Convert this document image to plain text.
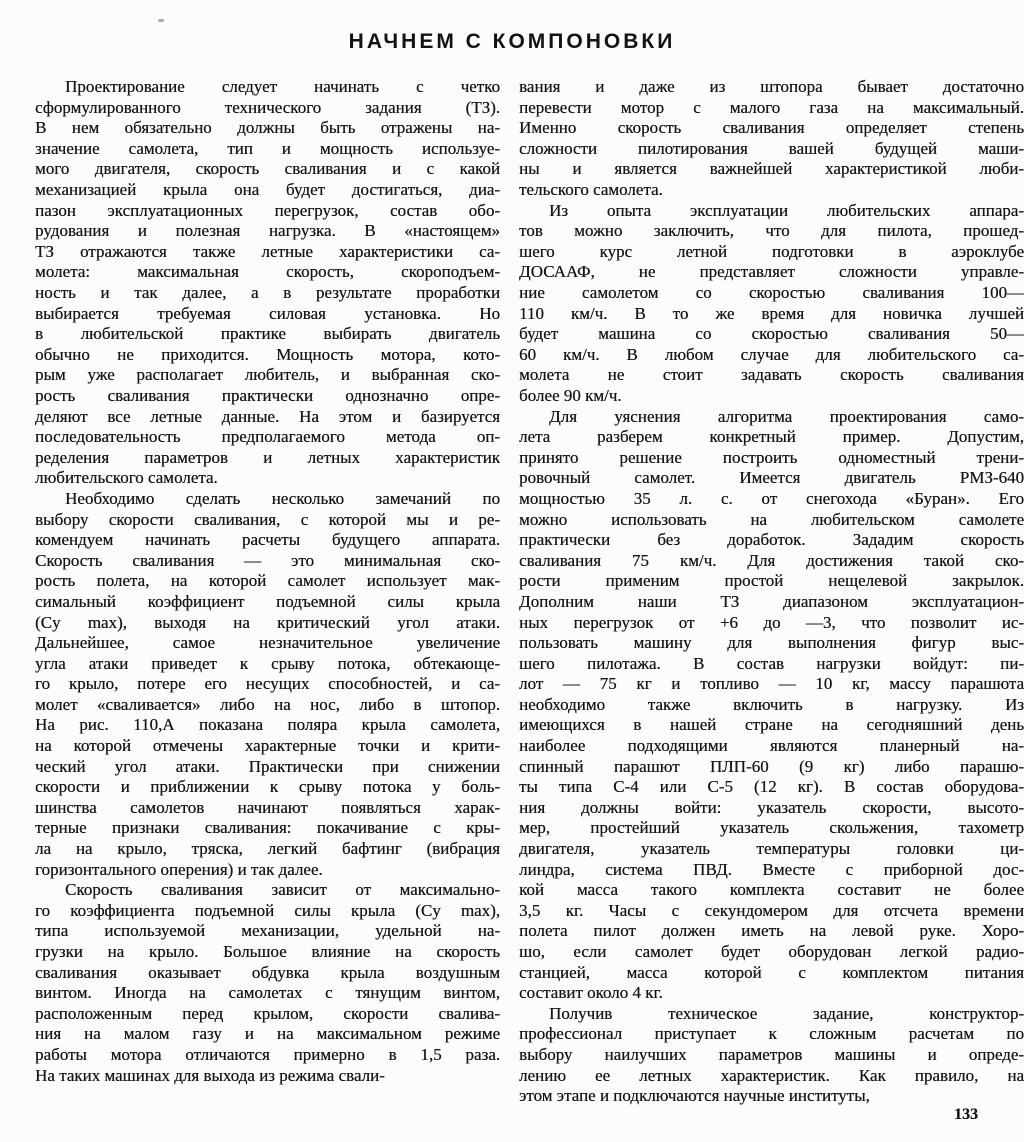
НАЧНЕМ С КОМПОНОВКИ

Проектирование следует начинать с четко
сформулированного технического задания (ТЗ).
В нем обязательно должны быть отражены на-
значение самолета, тип и мощность используе-
мого двигателя, скорость сваливания и с какой
механизацией крыла она будет достигаться, диа-
пазон эксплуатационных перегрузок, состав обо-
рудования и полезная нагрузка. В «настоящем»
ТЗ отражаются также летные характеристики са-
молета: максимальная скорость, скороподъем-
ность и так далее, а в результате проработки
выбирается требуемая силовая установка. Но
в любительской практике выбирать двигатель
обычно не приходится. Мощность мотора, кото-
рым уже располагает любитель, и выбранная ско-
рость сваливания практически однозначно опре-
деляют все летные данные. На этом и базируется
последовательность предполагаемого метода оп-
ределения параметров и летных характеристик
любительского самолета.

Необходимо сделать несколько замечаний по
выбору скорости сваливания, с которой мы и ре-
комендуем начинать расчеты будущего аппарата.
Скорость сваливания — это минимальная ско-
рость полета, на которой самолет использует мак-
симальный коэффициент подъемной силы крыла
(Cy max), выходя на критический угол атаки.
Дальнейшее, самое незначительное увеличение
угла атаки приведет к срыву потока, обтекающе-
го крыло, потере его несущих способностей, и са-
молет «сваливается» либо на нос, либо в штопор.
На рис. 110,А показана поляра крыла самолета,
на которой отмечены характерные точки и крити-
ческий угол атаки. Практически при снижении
скорости и приближении к срыву потока у боль-
шинства самолетов начинают появляться харак-
терные признаки сваливания: покачивание с кры-
ла на крыло, тряска, легкий бафтинг (вибрация
горизонтального оперения) и так далее.

Скорость сваливания зависит от максимально-
го коэффициента подъемной силы крыла (Cy max),
типа используемой механизации, удельной на-
грузки на крыло. Большое влияние на скорость
сваливания оказывает обдувка крыла воздушным
винтом. Иногда на самолетах с тянущим винтом,
расположенным перед крылом, скорости свалива-
ния на малом газу и на максимальном режиме
работы мотора отличаются примерно в 1,5 раза.
На таких машинах для выхода из режима свали-

вания и даже из штопора бывает достаточно
перевести мотор с малого газа на максимальный.
Именно скорость сваливания определяет степень
сложности пилотирования вашей будущей маши-
ны и является важнейшей характеристикой люби-
тельского самолета.

Из опыта эксплуатации любительских аппара-
тов можно заключить, что для пилота, прошед-
шего курс летной подготовки в аэроклубе
ДОСААФ, не представляет сложности управле-
ние самолетом со скоростью сваливания 100—
110 км/ч. В то же время для новичка лучшей
будет машина со скоростью сваливания 50—
60 км/ч. В любом случае для любительского са-
молета не стоит задавать скорость сваливания
более 90 км/ч.

Для уяснения алгоритма проектирования само-
лета разберем конкретный пример. Допустим,
принято решение построить одноместный трени-
ровочный самолет. Имеется двигатель РМЗ-640
мощностью 35 л. с. от снегохода «Буран». Его
можно использовать на любительском самолете
практически без доработок. Зададим скорость
сваливания 75 км/ч. Для достижения такой ско-
рости применим простой нещелевой закрылок.
Дополним наши ТЗ диапазоном эксплуатацион-
ных перегрузок от +6 до —3, что позволит ис-
пользовать машину для выполнения фигур выс-
шего пилотажа. В состав нагрузки войдут: пи-
лот — 75 кг и топливо — 10 кг, массу парашюта
необходимо также включить в нагрузку. Из
имеющихся в нашей стране на сегодняшний день
наиболее подходящими являются планерный на-
спинный парашют ПЛП-60 (9 кг) либо парашю-
ты типа С-4 или С-5 (12 кг). В состав оборудова-
ния должны войти: указатель скорости, высото-
мер, простейший указатель скольжения, тахометр
двигателя, указатель температуры головки ци-
линдра, система ПВД. Вместе с приборной дос-
кой масса такого комплекта составит не более
3,5 кг. Часы с секундомером для отсчета времени
полета пилот должен иметь на левой руке. Хоро-
шо, если самолет будет оборудован легкой радио-
станцией, масса которой с комплектом питания
составит около 4 кг.

Получив техническое задание, конструктор-
профессионал приступает к сложным расчетам по
выбору наилучших параметров машины и опреде-
лению ее летных характеристик. Как правило, на
этом этапе и подключаются научные институты,

133
